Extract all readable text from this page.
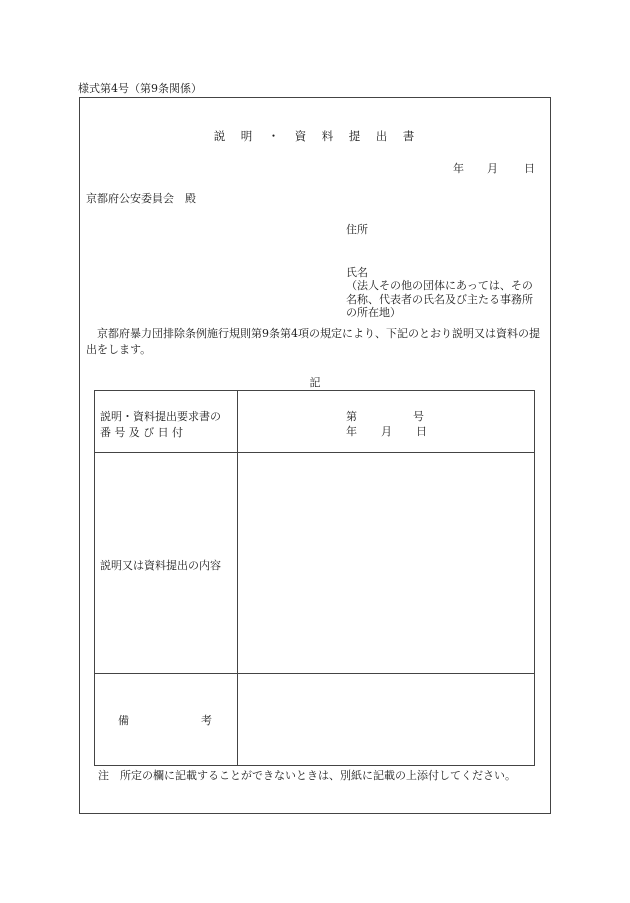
様式第4号（第9条関係）
説　明　・　資　料　提　出　書
年 月 日
京都府公安委員会　殿
住所
氏名
（法人その他の団体にあっては、その名称、代表者の氏名及び主たる事務所の所在地）
京都府暴力団排除条例施行規則第9条第4項の規定により、下記のとおり説明又は資料の提出をします。
記
説明・資料提出要求書の
番号及び日付
第	号
年 月 日
説明又は資料提出の内容
備	考
注　所定の欄に記載することができないときは、別紙に記載の上添付してください。
